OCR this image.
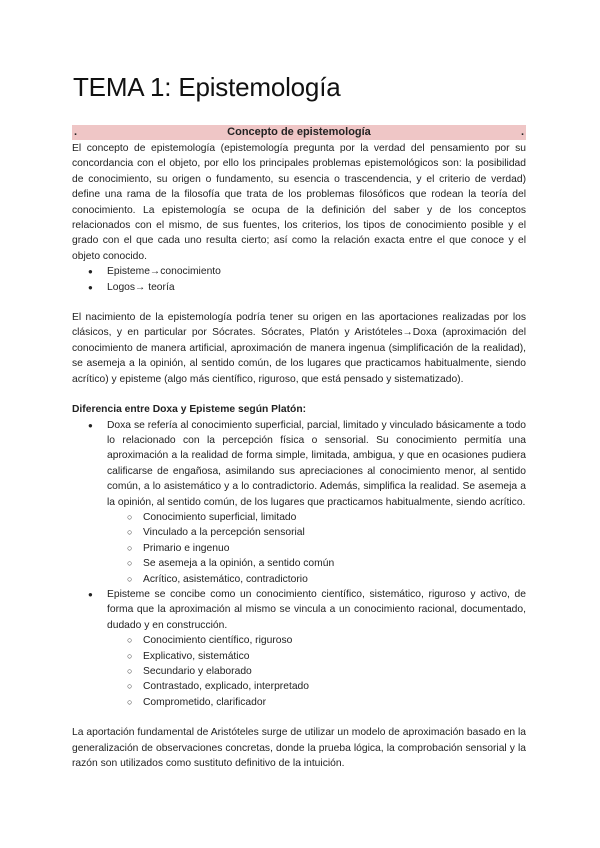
TEMA 1: Epistemología
.	Concepto de epistemología	.

El concepto de epistemología (epistemología pregunta por la verdad del pensamiento por su concordancia con el objeto, por ello los principales problemas epistemológicos son: la posibilidad de conocimiento, su origen o fundamento, su esencia o trascendencia, y el criterio de verdad) define una rama de la filosofía que trata de los problemas filosóficos que rodean la teoría del conocimiento. La epistemología se ocupa de la definición del saber y de los conceptos relacionados con el mismo, de sus fuentes, los criterios, los tipos de conocimiento posible y el grado con el que cada uno resulta cierto; así como la relación exacta entre el que conoce y el objeto conocido.

● Episteme→conocimiento
● Logos→ teoría

El nacimiento de la epistemología podría tener su origen en las aportaciones realizadas por los clásicos, y en particular por Sócrates. Sócrates, Platón y Aristóteles→Doxa (aproximación del conocimiento de manera artificial, aproximación de manera ingenua (simplificación de la realidad), se asemeja a la opinión, al sentido común, de los lugares que practicamos habitualmente, siendo acrítico) y episteme (algo más científico, riguroso, que está pensado y sistematizado).

Diferencia entre Doxa y Episteme según Platón:

● Doxa se refería al conocimiento superficial, parcial, limitado y vinculado básicamente a todo lo relacionado con la percepción física o sensorial. Su conocimiento permitía una aproximación a la realidad de forma simple, limitada, ambigua, y que en ocasiones pudiera calificarse de engañosa, asimilando sus apreciaciones al conocimiento menor, al sentido común, a lo asistemático y a lo contradictorio. Además, simplifica la realidad. Se asemeja a la opinión, al sentido común, de los lugares que practicamos habitualmente, siendo acrítico.
○ Conocimiento superficial, limitado
○ Vinculado a la percepción sensorial
○ Primario e ingenuo
○ Se asemeja a la opinión, a sentido común
○ Acrítico, asistemático, contradictorio
● Episteme se concibe como un conocimiento científico, sistemático, riguroso y activo, de forma que la aproximación al mismo se vincula a un conocimiento racional, documentado, dudado y en construcción.
○ Conocimiento científico, riguroso
○ Explicativo, sistemático
○ Secundario y elaborado
○ Contrastado, explicado, interpretado
○ Comprometido, clarificador

La aportación fundamental de Aristóteles surge de utilizar un modelo de aproximación basado en la generalización de observaciones concretas, donde la prueba lógica, la comprobación sensorial y la razón son utilizados como sustituto definitivo de la intuición.
